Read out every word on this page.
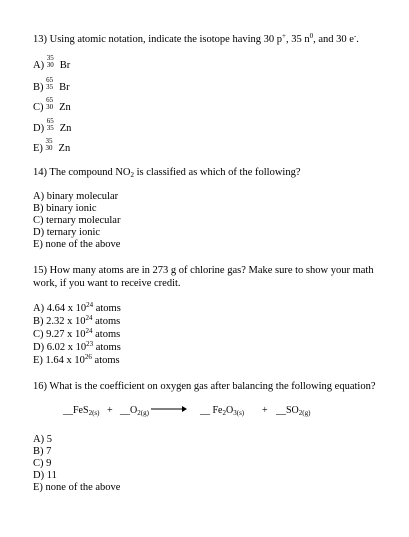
13) Using atomic notation, indicate the isotope having 30 p+, 35 $n^0$, and 30 e-.
A)
35
30 Br
B)
65
35 Br
C)
65
30 Zn
D)
65
35 Zn
E)
35
30 Zn
14) The compound $NO_2$ is classified as which of the following?
A) binary molecular
B) binary ionic
C) ternary molecular
D) ternary ionic
E) none of the above
15) How many atoms are in 273 g of chlorine gas? Make sure to show your math
work, if you want to receive credit.
A) 4.64 x $10^{24}$ atoms
B) 2.32 x $10^{24}$ atoms
C) 9.27 x $10^{24}$ atoms
D) 6.02 x $10^{23}$ atoms
E) 1.64 x $10^{26}$ atoms
16) What is the coefficient on oxygen gas after balancing the following equation?
__FeS$_{2(s)}$ + $\_\_O_{2(g)}$ → __ $Fe_2O_{3(s)}$ + $\_\_SO_{2(g)}$
A) 5
B) 7
C) 9
D) 11
E) none of the above
